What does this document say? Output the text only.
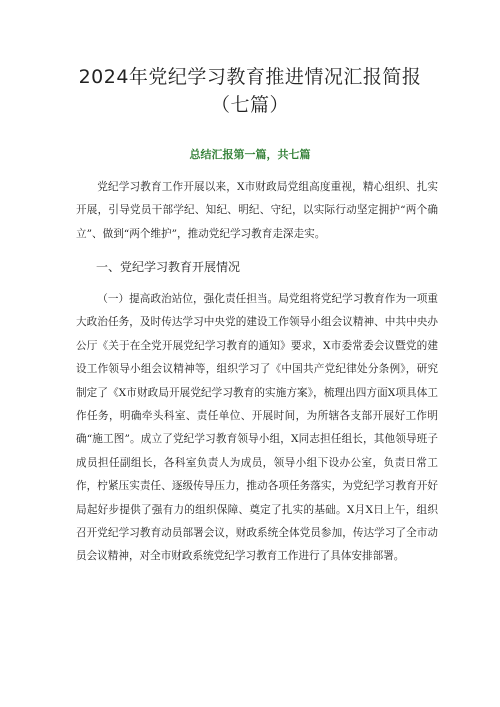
2024年党纪学习教育推进情况汇报简报
（七篇）
总结汇报第一篇，共七篇

党纪学习教育工作开展以来，X市财政局党组高度重视，精心组织、扎实开展，引导党员干部学纪、知纪、明纪、守纪，以实际行动坚定拥护“两个确立”、做到“两个维护”，推动党纪学习教育走深走实。

一、党纪学习教育开展情况

（一）提高政治站位，强化责任担当。局党组将党纪学习教育作为一项重大政治任务，及时传达学习中央党的建设工作领导小组会议精神、中共中央办公厅《关于在全党开展党纪学习教育的通知》要求，X市委常委会议暨党的建设工作领导小组会议精神等，组织学习了《中国共产党纪律处分条例》，研究制定了《X市财政局开展党纪学习教育的实施方案》，梳理出四方面X项具体工作任务，明确牵头科室、责任单位、开展时间，为所辖各支部开展好工作明确“施工图”。成立了党纪学习教育领导小组，X同志担任组长，其他领导班子成员担任副组长，各科室负责人为成员，领导小组下设办公室，负责日常工作，柠紧压实责任、逐级传导压力，推动各项任务落实，为党纪学习教育开好局起好步提供了强有力的组织保障、奠定了扎实的基础。X月X日上午，组织召开党纪学习教育动员部署会议，财政系统全体党员参加，传达学习了全市动员会议精神，对全市财政系统党纪学习教育工作进行了具体安排部署。
